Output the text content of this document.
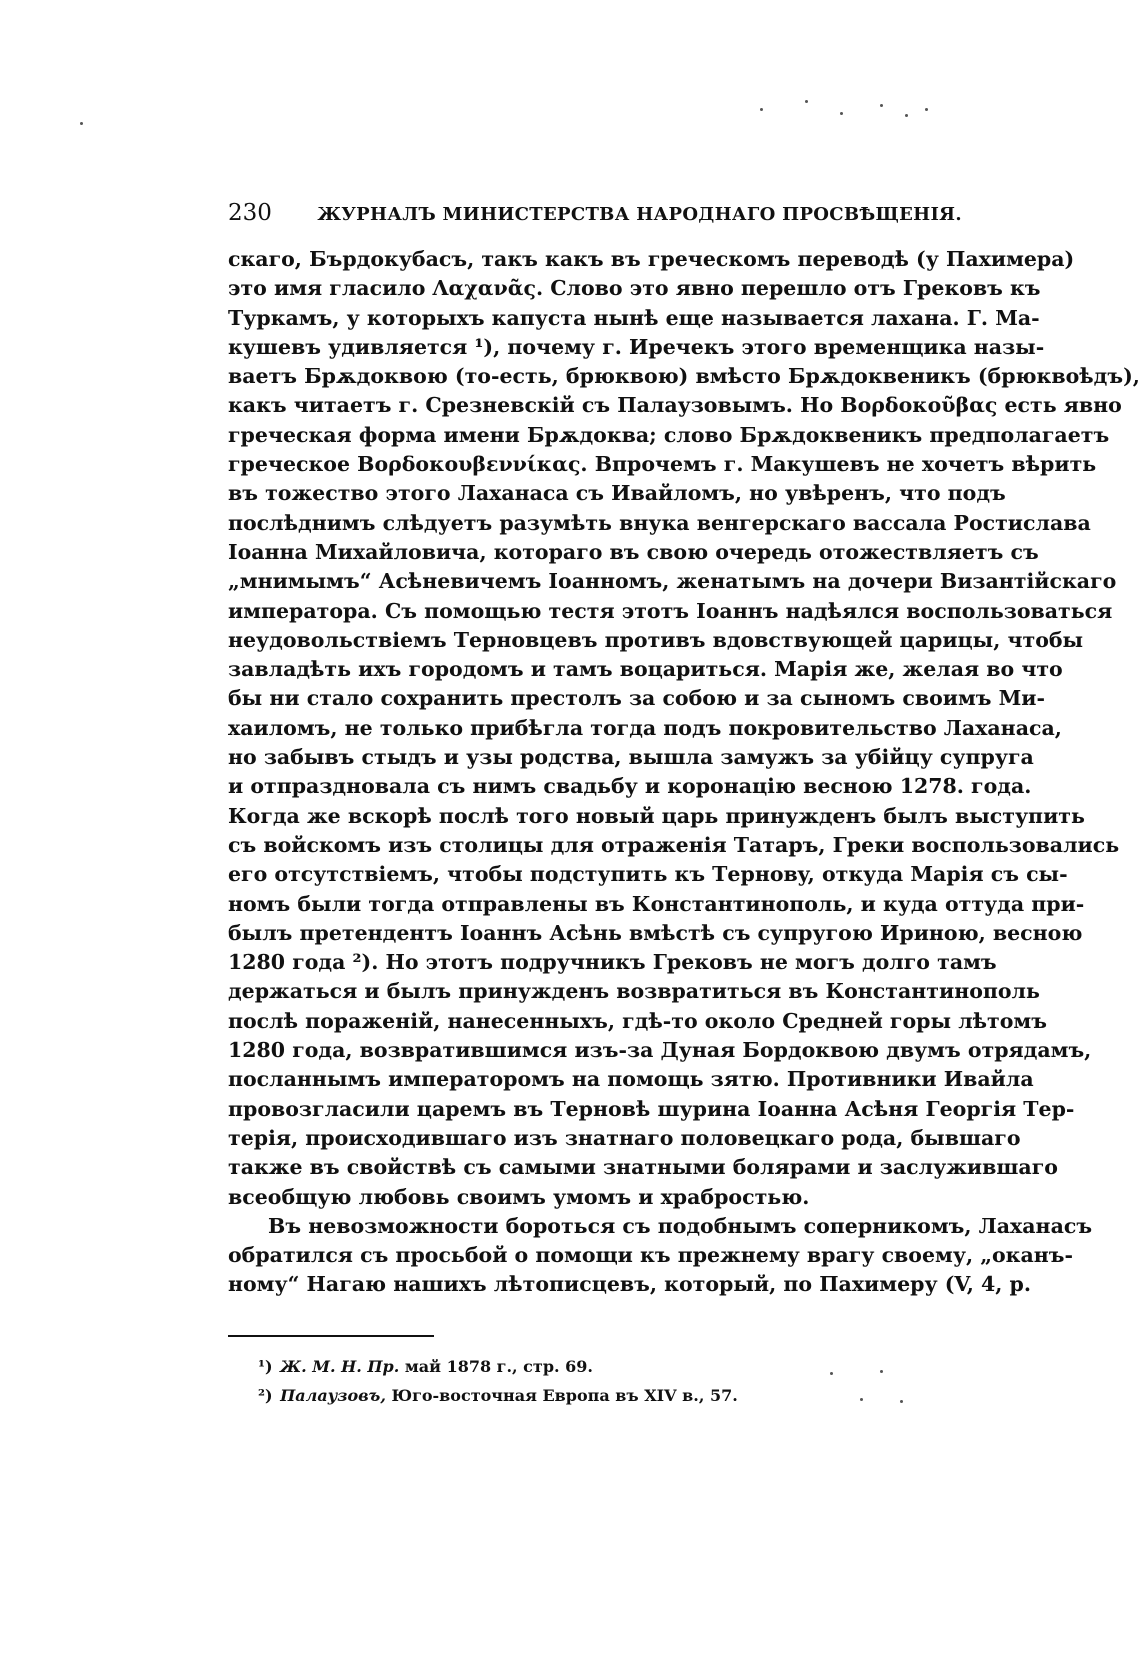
230	ЖУРНАЛЪ МИНИСТЕРСТВА НАРОДНАГО ПРОСВѢЩЕНІЯ.
скаго, Бърдокубасъ, такъ какъ въ греческомъ переводѣ (у Пахимера)
это имя гласило Λαχανᾶς. Слово это явно перешло отъ Грековъ къ
Туркамъ, у которыхъ капуста нынѣ еще называется лахана. Г. Ма-
кушевъ удивляется ¹), почему г. Иречекъ этого временщика назы-
ваетъ Брѫдоквою (то-есть, брюквою) вмѣсто Брѫдоквеникъ (брюквоѣдъ),
какъ читаетъ г. Срезневскій съ Палаузовымъ. Но Βορδοκοῦβας есть явно
греческая форма имени Брѫдоква; слово Брѫдоквеникъ предполагаетъ
греческое Βορδοκουβεννίκας. Впрочемъ г. Макушевъ не хочетъ вѣрить
въ тожество этого Лаханаса съ Ивайломъ, но увѣренъ, что подъ
послѣднимъ слѣдуетъ разумѣть внука венгерскаго вассала Ростислава
Іоанна Михайловича, котораго въ свою очередь отожествляетъ съ
„мнимымъ“ Асѣневичемъ Іоанномъ, женатымъ на дочери Византійскаго
императора. Съ помощью тестя этотъ Іоаннъ надѣялся воспользоваться
неудовольствіемъ Терновцевъ противъ вдовствующей царицы, чтобы
завладѣть ихъ городомъ и тамъ воцариться. Марія же, желая во что
бы ни стало сохранить престолъ за собою и за сыномъ своимъ Ми-
хаиломъ, не только прибѣгла тогда подъ покровительство Лаханаса,
но забывъ стыдъ и узы родства, вышла замужъ за убійцу супруга
и отпраздновала съ нимъ свадьбу и коронацію весною 1278. года.
Когда же вскорѣ послѣ того новый царь принужденъ былъ выступить
съ войскомъ изъ столицы для отраженія Татаръ, Греки воспользовались
его отсутствіемъ, чтобы подступить къ Терновy, откуда Марія съ сы-
номъ были тогда отправлены въ Константинополь, и куда оттуда при-
былъ претендентъ Іоаннъ Асѣнь вмѣстѣ съ супругою Ириною, весною
1280 года ²). Но этотъ подручникъ Грековъ не могъ долго тамъ
держаться и былъ принужденъ возвратиться въ Константинополь
послѣ пораженій, нанесенныхъ, гдѣ-то около Средней горы лѣтомъ
1280 года, возвратившимся изъ-за Дуная Бордоквою двумъ отрядамъ,
посланнымъ императоромъ на помощь зятю. Противники Ивайла
провозгласили царемъ въ Терновѣ шурина Іоанна Асѣня Георгія Тер-
терія, происходившаго изъ знатнаго половецкаго рода, бывшаго
также въ свойствѣ съ самыми знатными болярами и заслужившаго
всеобщую любовь своимъ умомъ и храбростью.
Въ невозможности бороться съ подобнымъ соперникомъ, Лаханасъ
обратился съ просьбой о помощи къ прежнему врагу своему, „оканъ-
ному“ Нагаю нашихъ лѣтописцевъ, который, по Пахимеру (V, 4, р.
¹) Ж. М. Н. Пр. май 1878 г., стр. 69.
²) Палаузовъ, Юго-восточная Европа въ XIV в., 57.
